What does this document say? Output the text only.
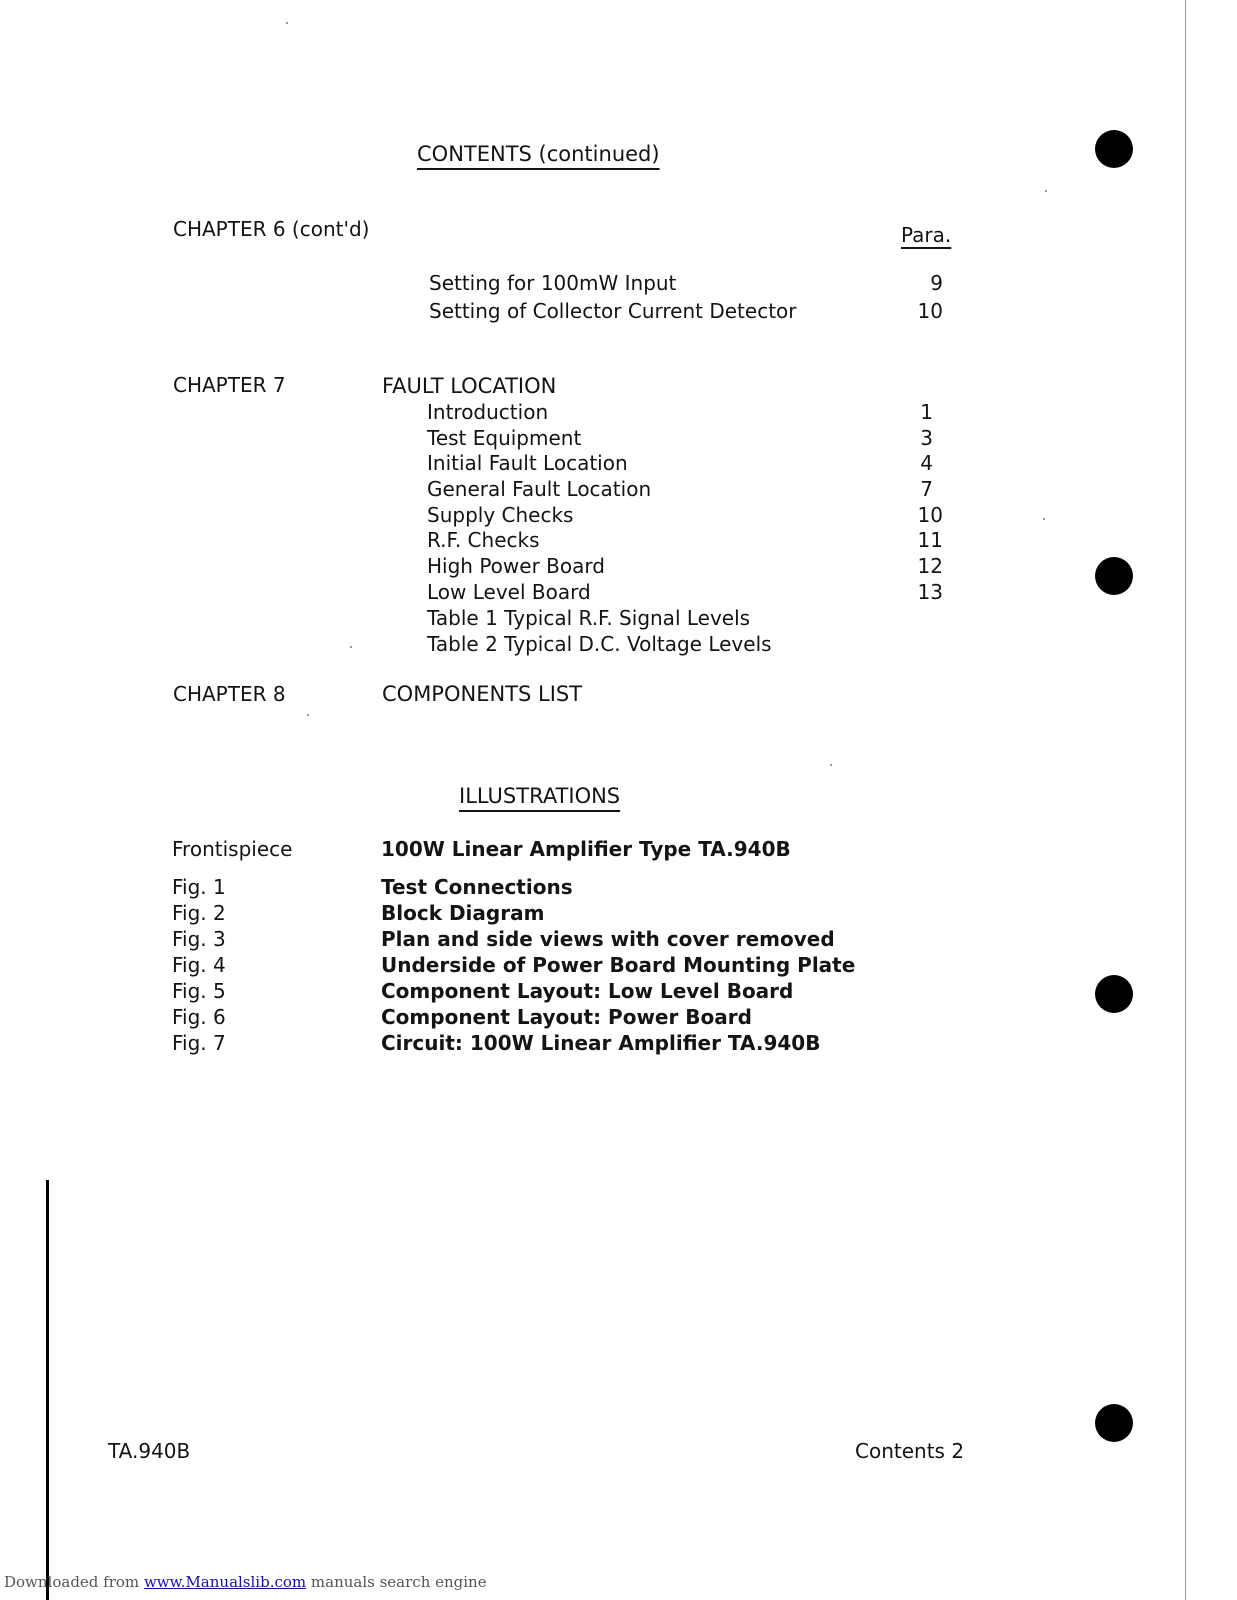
CONTENTS (continued)
CHAPTER 6 (cont'd)	Para.
Setting for 100mW Input	9
Setting of Collector Current Detector	10
CHAPTER 7	FAULT LOCATION
Introduction	1
Test Equipment	3
Initial Fault Location	4
General Fault Location	7
Supply Checks	10
R.F. Checks	11
High Power Board	12
Low Level Board	13
Table 1 Typical R.F. Signal Levels
Table 2 Typical D.C. Voltage Levels
CHAPTER 8	COMPONENTS LIST
ILLUSTRATIONS
Frontispiece	100W Linear Amplifier Type TA.940B
Fig. 1	Test Connections
Fig. 2	Block Diagram
Fig. 3	Plan and side views with cover removed
Fig. 4	Underside of Power Board Mounting Plate
Fig. 5	Component Layout: Low Level Board
Fig. 6	Component Layout: Power Board
Fig. 7	Circuit: 100W Linear Amplifier TA.940B
TA.940B	Contents 2
Downloaded from www.Manualslib.com manuals search engine
